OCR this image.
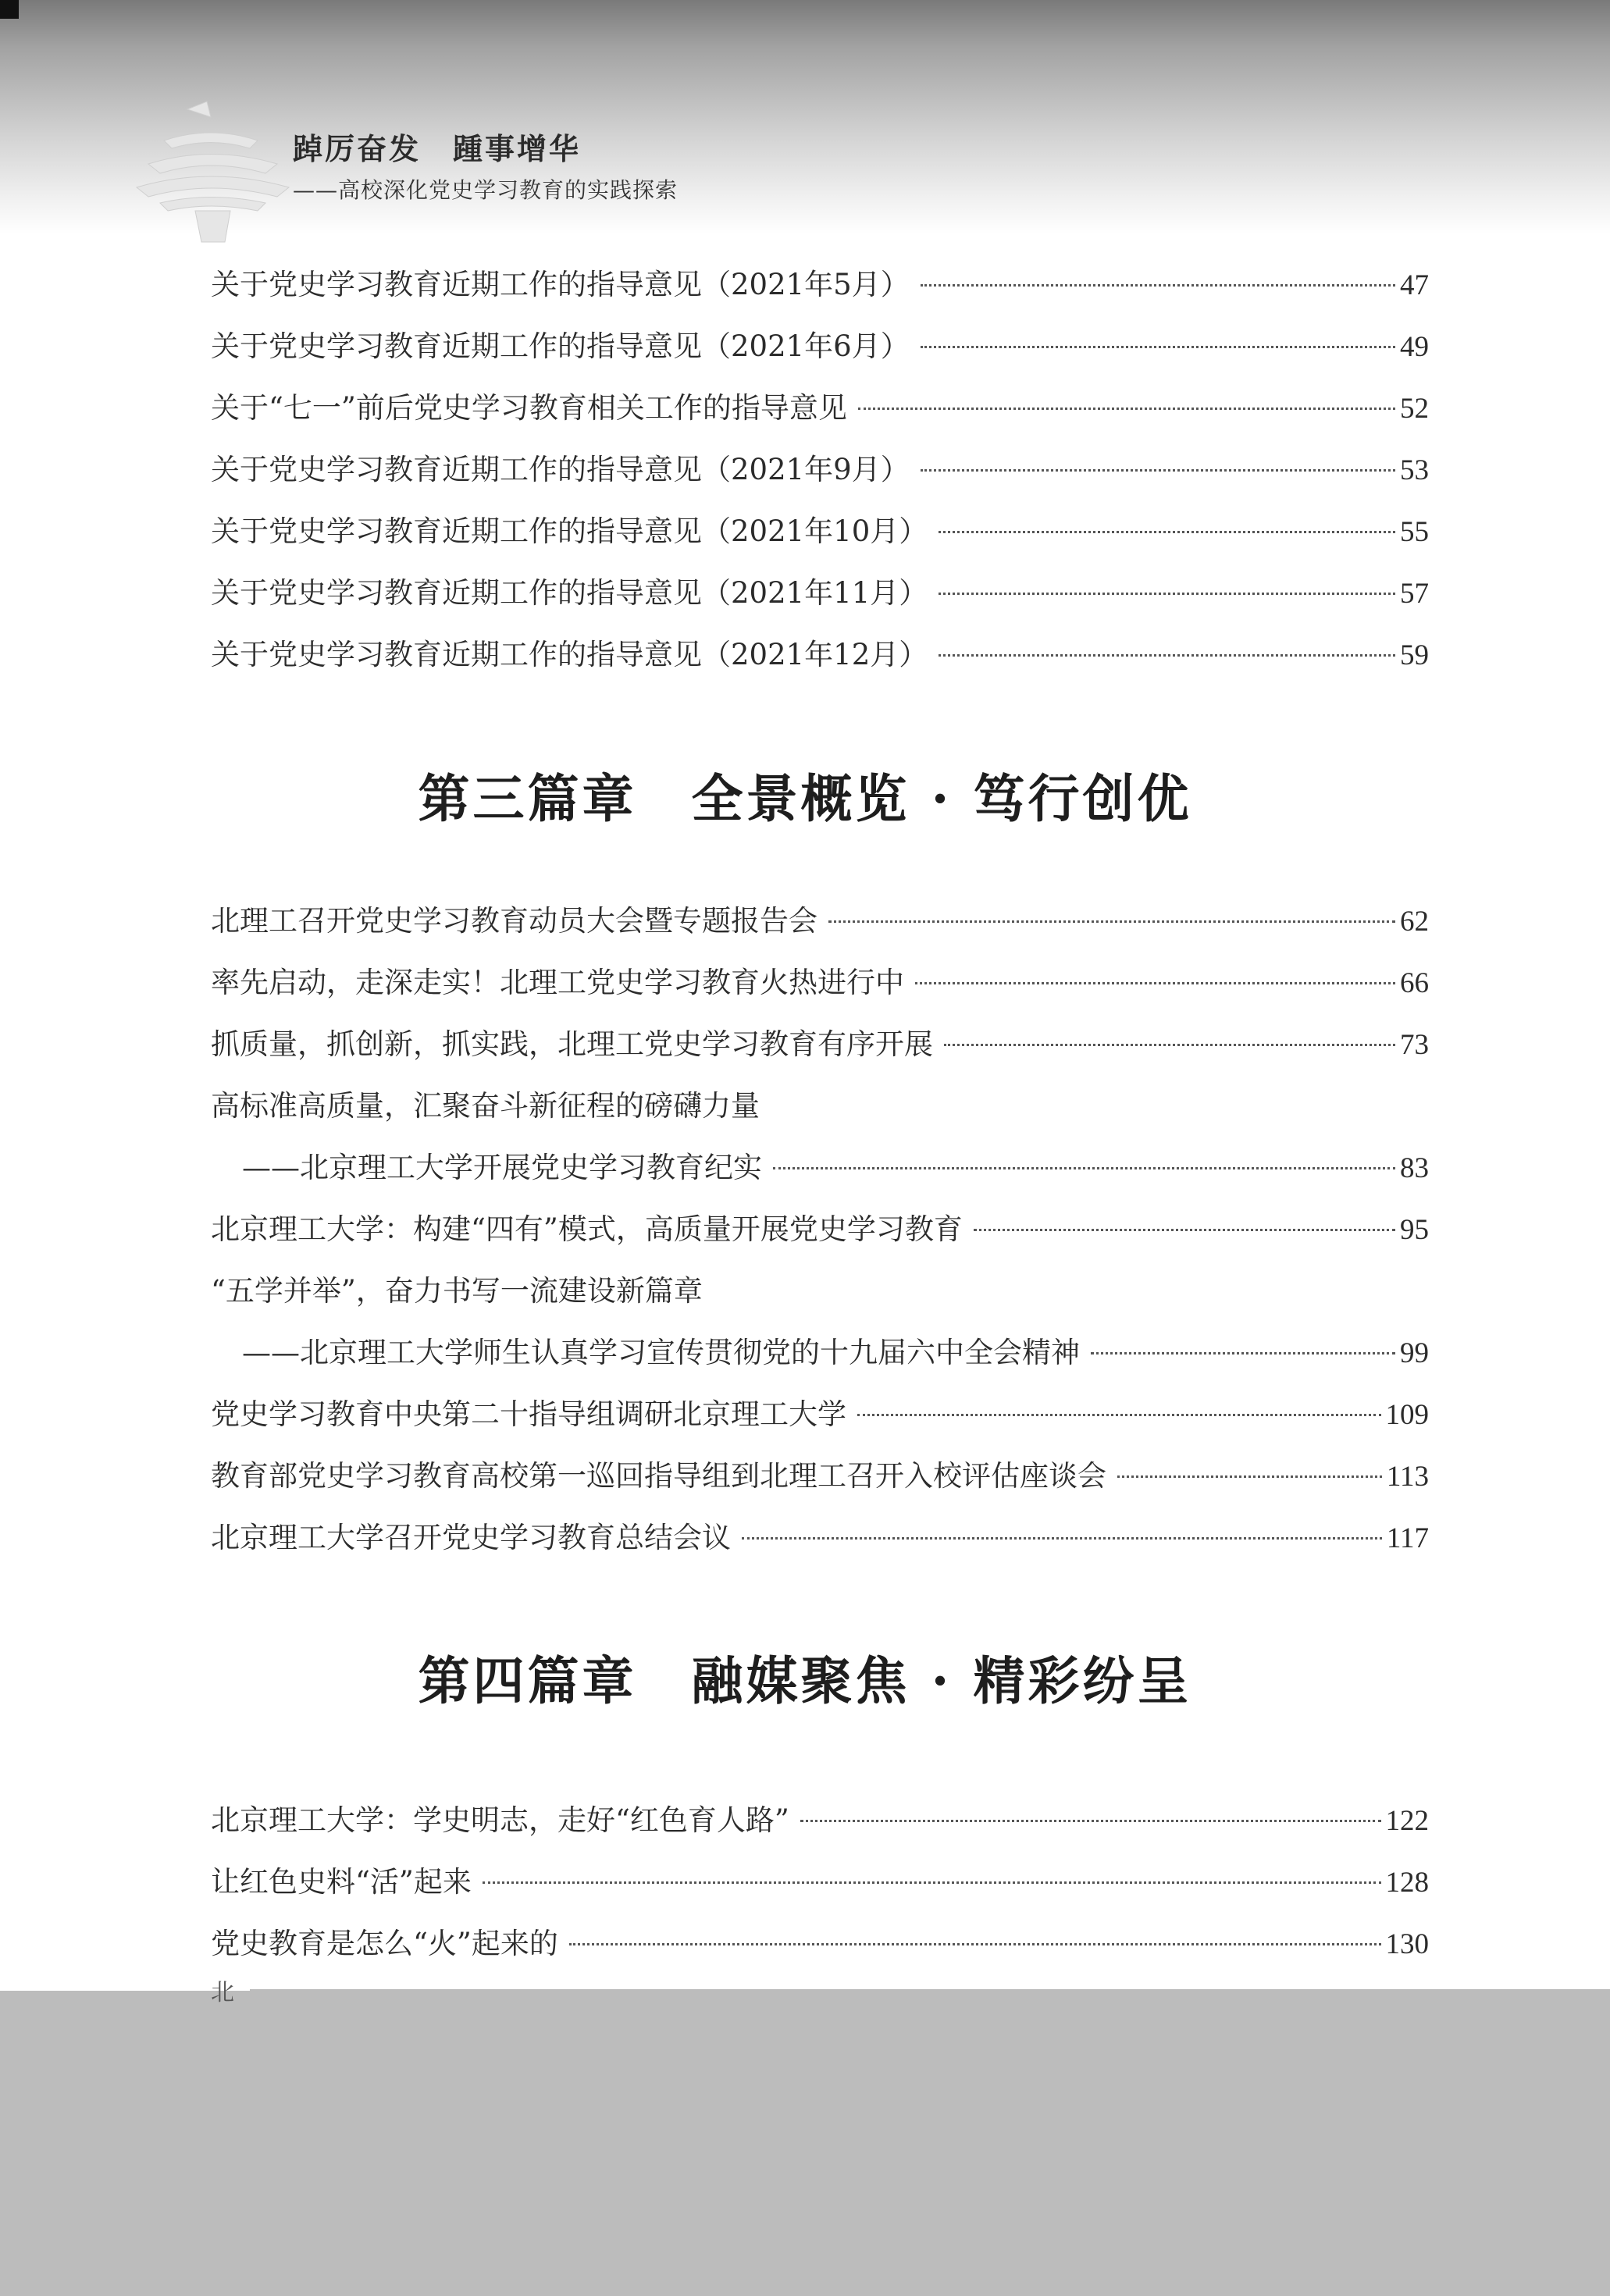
踔厉奋发　踵事增华
——高校深化党史学习教育的实践探索
关于党史学习教育近期工作的指导意见（2021年5月）	47
关于党史学习教育近期工作的指导意见（2021年6月）	49
关于“七一”前后党史学习教育相关工作的指导意见	52
关于党史学习教育近期工作的指导意见（2021年9月）	53
关于党史学习教育近期工作的指导意见（2021年10月）	55
关于党史学习教育近期工作的指导意见（2021年11月）	57
关于党史学习教育近期工作的指导意见（2021年12月）	59
第三篇章　全景概览 · 笃行创优
北理工召开党史学习教育动员大会暨专题报告会	62
率先启动，走深走实！北理工党史学习教育火热进行中	66
抓质量，抓创新，抓实践，北理工党史学习教育有序开展	73
高标准高质量，汇聚奋斗新征程的磅礴力量
——北京理工大学开展党史学习教育纪实	83
北京理工大学：构建“四有”模式，高质量开展党史学习教育	95
“五学并举”，奋力书写一流建设新篇章
——北京理工大学师生认真学习宣传贯彻党的十九届六中全会精神	99
党史学习教育中央第二十指导组调研北京理工大学	109
教育部党史学习教育高校第一巡回指导组到北理工召开入校评估座谈会	113
北京理工大学召开党史学习教育总结会议	117
第四篇章　融媒聚焦 · 精彩纷呈
北京理工大学：学史明志，走好“红色育人路”	122
让红色史料“活”起来	128
党史教育是怎么“火”起来的	130
